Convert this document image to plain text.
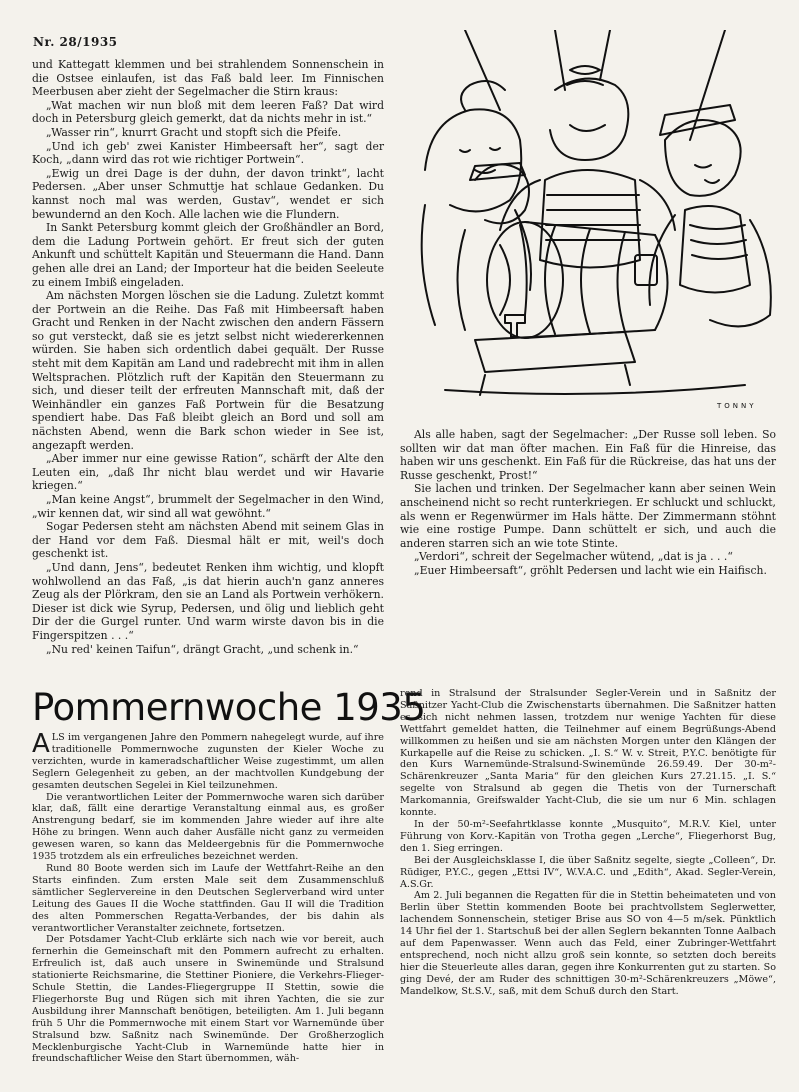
Nr. 28/1935

und Kattegatt klemmen und bei strahlendem Sonnenschein in die Ostsee einlaufen, ist das Faß bald leer. Im Finnischen Meerbusen aber zieht der Segelmacher die Stirn kraus:

„Wat machen wir nun bloß mit dem leeren Faß? Dat wird doch in Petersburg gleich gemerkt, dat da nichts mehr in ist.“

„Wasser rin“, knurrt Gracht und stopft sich die Pfeife.

„Und ich geb' zwei Kanister Himbeersaft her“, sagt der Koch, „dann wird das rot wie richtiger Portwein“.

„Ewig un drei Dage is der duhn, der davon trinkt“, lacht Pedersen. „Aber unser Schmuttje hat schlaue Gedanken. Du kannst noch mal was werden, Gustav“, wendet er sich bewundernd an den Koch. Alle lachen wie die Flundern.

In Sankt Petersburg kommt gleich der Großhändler an Bord, dem die Ladung Portwein gehört. Er freut sich der guten Ankunft und schüttelt Kapitän und Steuermann die Hand. Dann gehen alle drei an Land; der Importeur hat die beiden Seeleute zu einem Imbiß eingeladen.

Am nächsten Morgen löschen sie die Ladung. Zuletzt kommt der Portwein an die Reihe. Das Faß mit Himbeersaft haben Gracht und Renken in der Nacht zwischen den andern Fässern so gut versteckt, daß sie es jetzt selbst nicht wiedererkennen würden. Sie haben sich ordentlich dabei gequält. Der Russe steht mit dem Kapitän am Land und radebrecht mit ihm in allen Weltsprachen. Plötzlich ruft der Kapitän den Steuermann zu sich, und dieser teilt der erfreuten Mannschaft mit, daß der Weinhändler ein ganzes Faß Portwein für die Besatzung spendiert habe. Das Faß bleibt gleich an Bord und soll am nächsten Abend, wenn die Bark schon wieder in See ist, angezapft werden.

„Aber immer nur eine gewisse Ration“, schärft der Alte den Leuten ein, „daß Ihr nicht blau werdet und wir Havarie kriegen.“

„Man keine Angst“, brummelt der Segelmacher in den Wind, „wir kennen dat, wir sind all wat gewöhnt.“

Sogar Pedersen steht am nächsten Abend mit seinem Glas in der Hand vor dem Faß. Diesmal hält er mit, weil's doch geschenkt ist.

„Und dann, Jens“, bedeutet Renken ihm wichtig, und klopft wohlwollend an das Faß, „is dat hierin auch'n ganz anneres Zeug als der Plörkram, den sie an Land als Portwein verhökern. Dieser ist dick wie Syrup, Pedersen, und ölig und lieblich geht Dir der die Gurgel runter. Und warm wirste davon bis in die Fingerspitzen . . .“

„Nu red' keinen Taifun“, drängt Gracht, „und schenk in.“

TONNY

Als alle haben, sagt der Segelmacher: „Der Russe soll leben. So sollten wir dat man öfter machen. Ein Faß für die Hinreise, das haben wir uns geschenkt. Ein Faß für die Rückreise, das hat uns der Russe geschenkt, Prost!“

Sie lachen und trinken. Der Segelmacher kann aber seinen Wein anscheinend nicht so recht runterkriegen. Er schluckt und schluckt, als wenn er Regenwürmer im Hals hätte. Der Zimmermann stöhnt wie eine rostige Pumpe. Dann schüttelt er sich, und auch die anderen starren sich an wie tote Stinte.

„Verdori“, schreit der Segelmacher wütend, „dat is ja . . .“

„Euer Himbeersaft“, gröhlt Pedersen und lacht wie ein Haifisch.

Pommernwoche 1935

ALS im vergangenen Jahre den Pommern nahegelegt wurde, auf ihre traditionelle Pommernwoche zugunsten der Kieler Woche zu verzichten, wurde in kameradschaftlicher Weise zugestimmt, um allen Seglern Gelegenheit zu geben, an der machtvollen Kundgebung der gesamten deutschen Segelei in Kiel teilzunehmen.

Die verantwortlichen Leiter der Pommernwoche waren sich darüber klar, daß, fällt eine derartige Veranstaltung einmal aus, es großer Anstrengung bedarf, sie im kommenden Jahre wieder auf ihre alte Höhe zu bringen. Wenn auch daher Ausfälle nicht ganz zu vermeiden gewesen waren, so kann das Meldeergebnis für die Pommernwoche 1935 trotzdem als ein erfreuliches bezeichnet werden.

Rund 80 Boote werden sich im Laufe der Wettfahrt-Reihe an den Starts einfinden. Zum ersten Male seit dem Zusammenschluß sämtlicher Seglervereine in den Deutschen Seglerverband wird unter Leitung des Gaues II die Woche stattfinden. Gau II will die Tradition des alten Pommerschen Regatta-Verbandes, der bis dahin als verantwortlicher Veranstalter zeichnete, fortsetzen.

Der Potsdamer Yacht-Club erklärte sich nach wie vor bereit, auch fernerhin die Gemeinschaft mit den Pommern aufrecht zu erhalten. Erfreulich ist, daß auch unsere in Swinemünde und Stralsund stationierte Reichsmarine, die Stettiner Pioniere, die Verkehrs-Flieger-Schule Stettin, die Landes-Fliegergruppe II Stettin, sowie die Fliegerhorste Bug und Rügen sich mit ihren Yachten, die sie zur Ausbildung ihrer Mannschaft benötigen, beteiligten. Am 1. Juli begann früh 5 Uhr die Pommernwoche mit einem Start vor Warnemünde über Stralsund bzw. Saßnitz nach Swinemünde. Der Großherzoglich Mecklenburgische Yacht-Club in Warnemünde hatte hier in freundschaftlicher Weise den Start übernommen, wäh-

rend in Stralsund der Stralsunder Segler-Verein und in Saßnitz der Saßnitzer Yacht-Club die Zwischenstarts übernahmen. Die Saßnitzer hatten es sich nicht nehmen lassen, trotzdem nur wenige Yachten für diese Wettfahrt gemeldet hatten, die Teilnehmer auf einem Begrüßungs-Abend willkommen zu heißen und sie am nächsten Morgen unter den Klängen der Kurkapelle auf die Reise zu schicken. „I. S.“ W. v. Streit, P.Y.C. benötigte für den Kurs Warnemünde-Stralsund-Swinemünde 26.59.49. Der 30-m²-Schärenkreuzer „Santa Maria“ für den gleichen Kurs 27.21.15. „I. S.“ segelte von Stralsund ab gegen die Thetis von der Turnerschaft Markomannia, Greifswalder Yacht-Club, die sie um nur 6 Min. schlagen konnte.

In der 50-m²-Seefahrtklasse konnte „Musquito“, M.R.V. Kiel, unter Führung von Korv.-Kapitän von Trotha gegen „Lerche“, Fliegerhorst Bug, den 1. Sieg erringen.

Bei der Ausgleichsklasse I, die über Saßnitz segelte, siegte „Colleen“, Dr. Rüdiger, P.Y.C., gegen „Ettsi IV“, W.V.A.C. und „Edith“, Akad. Segler-Verein, A.S.Gr.

Am 2. Juli begannen die Regatten für die in Stettin beheimateten und von Berlin über Stettin kommenden Boote bei prachtvollstem Seglerwetter, lachendem Sonnenschein, stetiger Brise aus SO von 4—5 m/sek. Pünktlich 14 Uhr fiel der 1. Startschuß bei der allen Seglern bekannten Tonne Aalbach auf dem Papenwasser. Wenn auch das Feld, einer Zubringer-Wettfahrt entsprechend, noch nicht allzu groß sein konnte, so setzten doch bereits hier die Steuerleute alles daran, gegen ihre Konkurrenten gut zu starten. So ging Devé, der am Ruder des schnittigen 30-m²-Schärenkreuzers „Möwe“, Mandelkow, St.S.V., saß, mit dem Schuß durch den Start.
